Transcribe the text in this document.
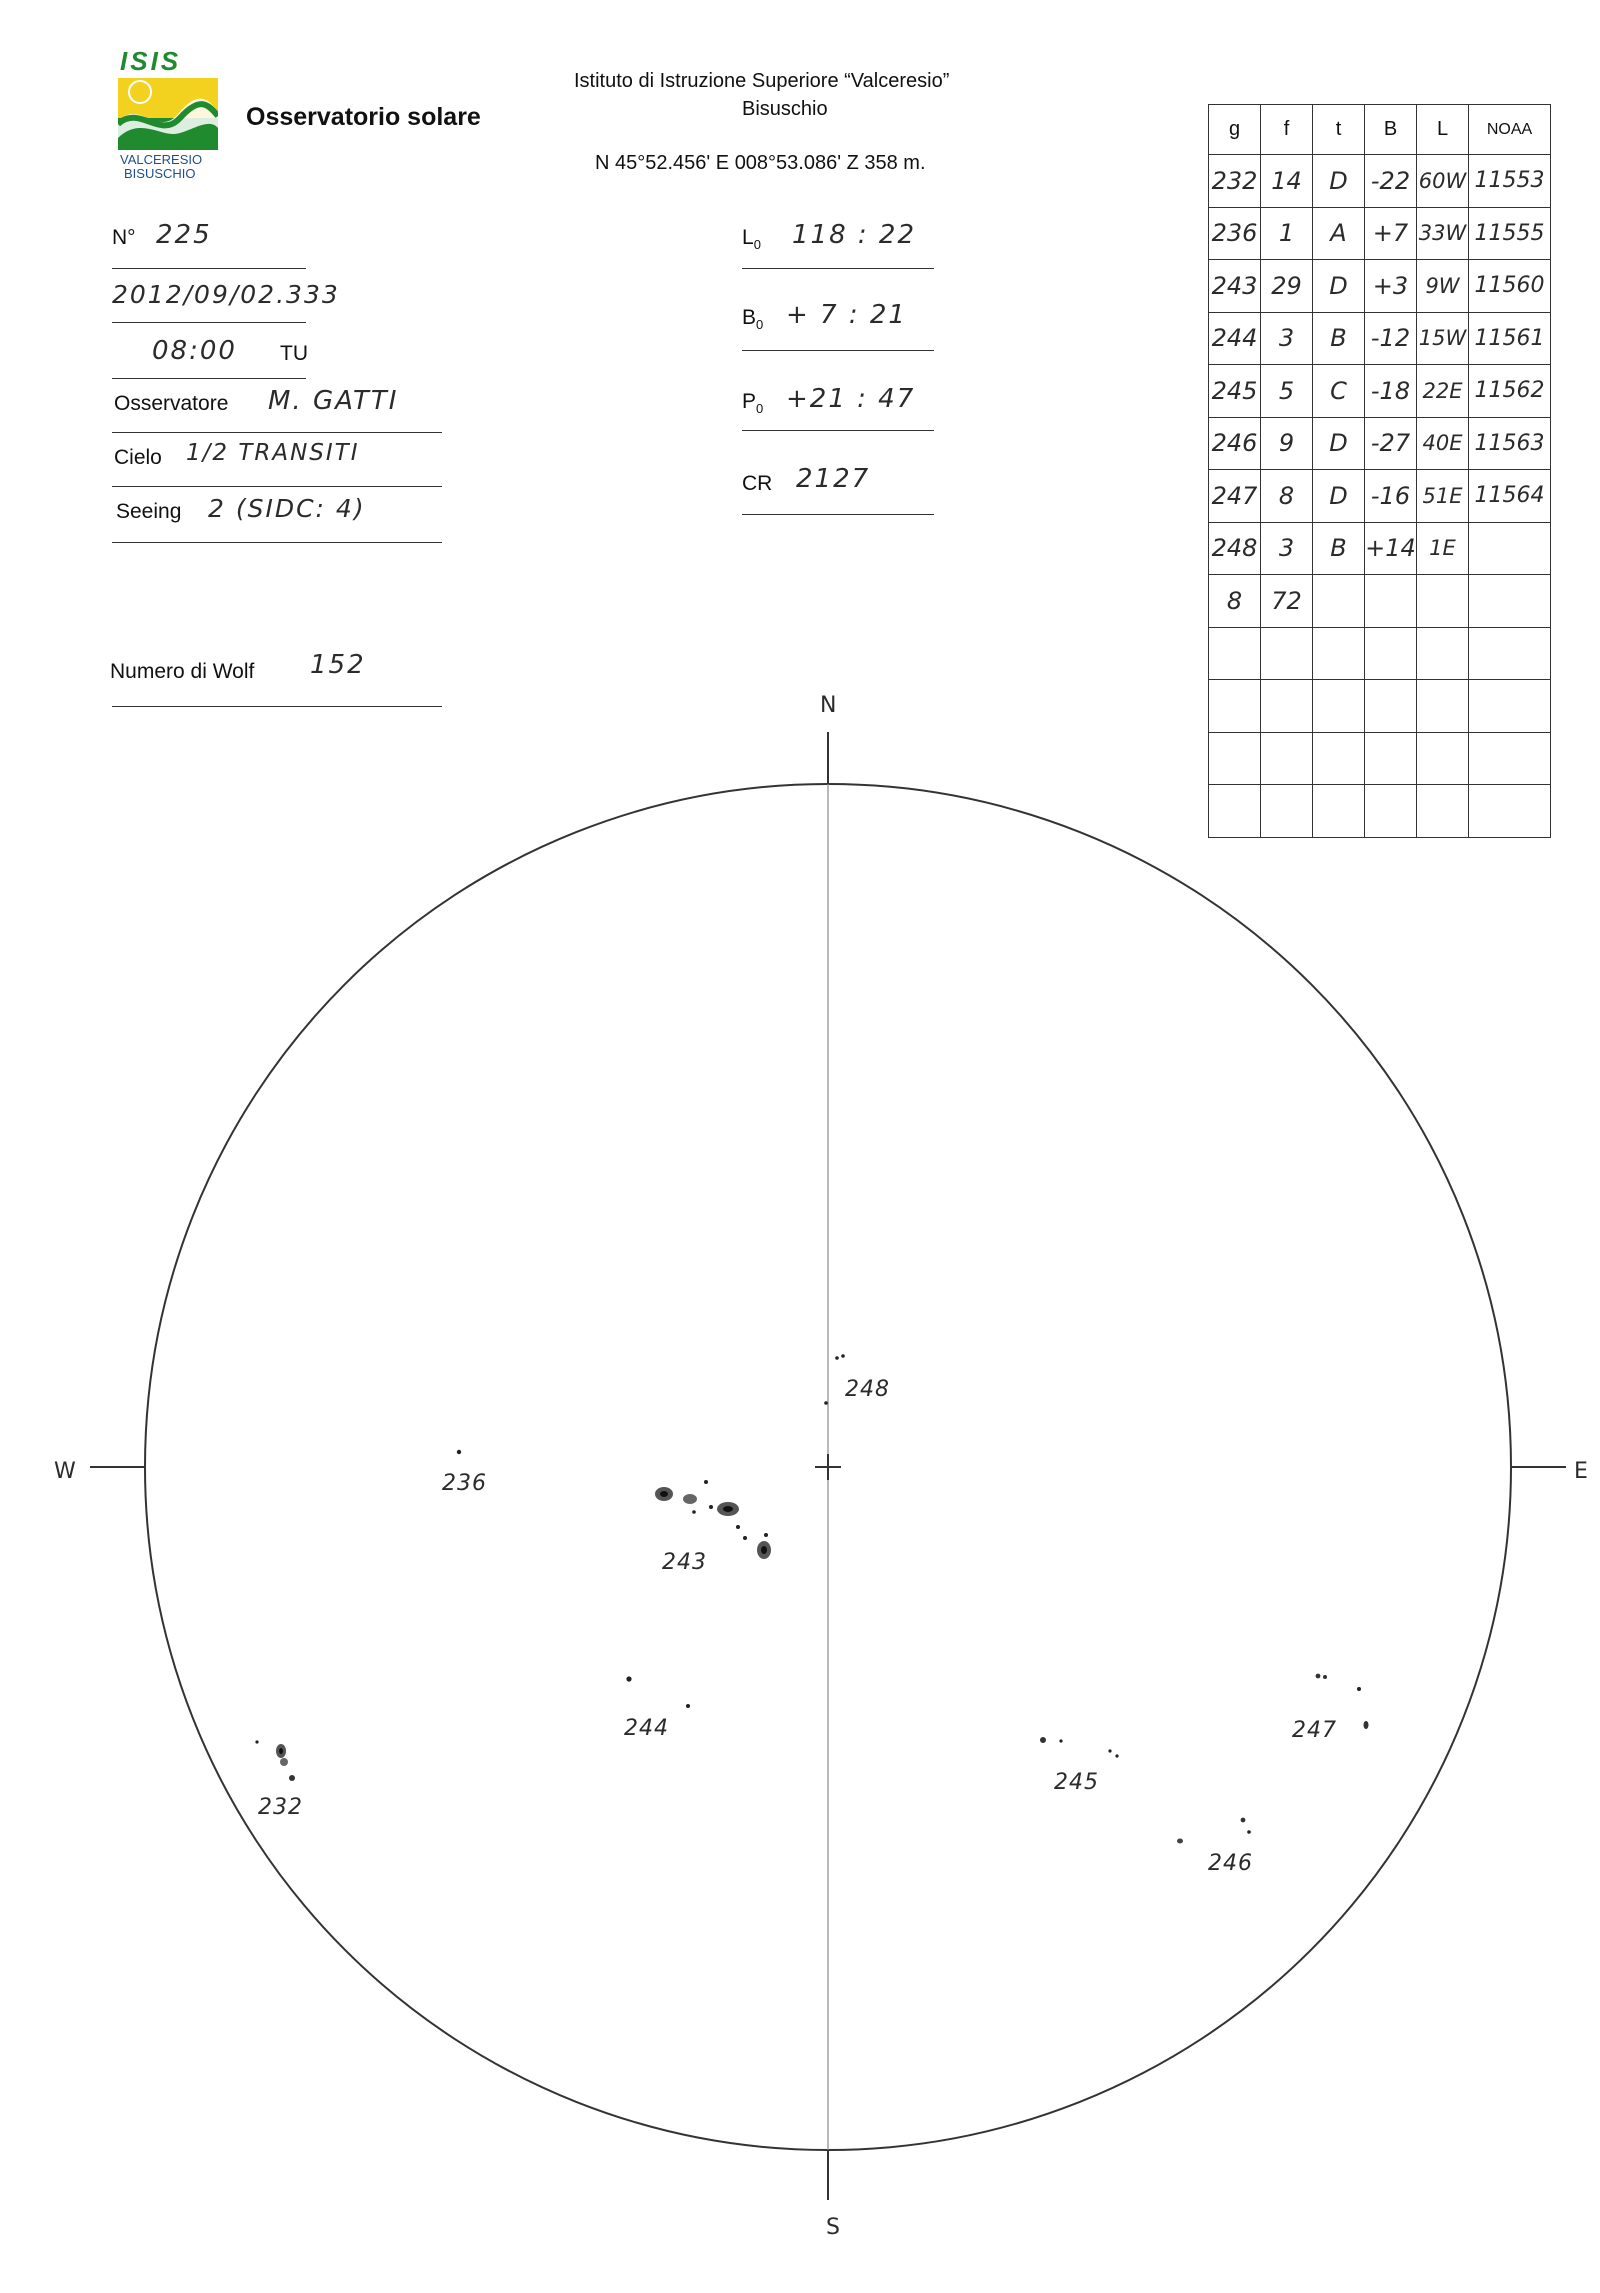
ISIS
VALCERESIO
BISUSCHIO
Osservatorio solare
Istituto di Istruzione Superiore “Valceresio”
Bisuschio
N 45°52.456' E 008°53.086' Z 358 m.
N° 225
2012/09/02.333
08:00 TU
Osservatore M. GATTI
Cielo 1/2 TRANSITI
Seeing 2 (SIDC: 4)
Numero di Wolf 152
$L_0$ 118 : 22
$B_0 + 7$ : 21
$P_0 +21$ : 47
CR 2127
g	f	t	B	L	NOAA
232	14	D	-22	60W	11553
236	1	A	+7	33W	11555
243	29	D	+3	9W	11560
244	3	B	-12	15W	11561
245	5	C	-18	22E	11562
246	9	D	-27	40E	11563
247	8	D	-16	51E	11564
248	3	B	+14	1E	
8	72				

N
S
W	E
248
236
243
244
232
245
247
246
